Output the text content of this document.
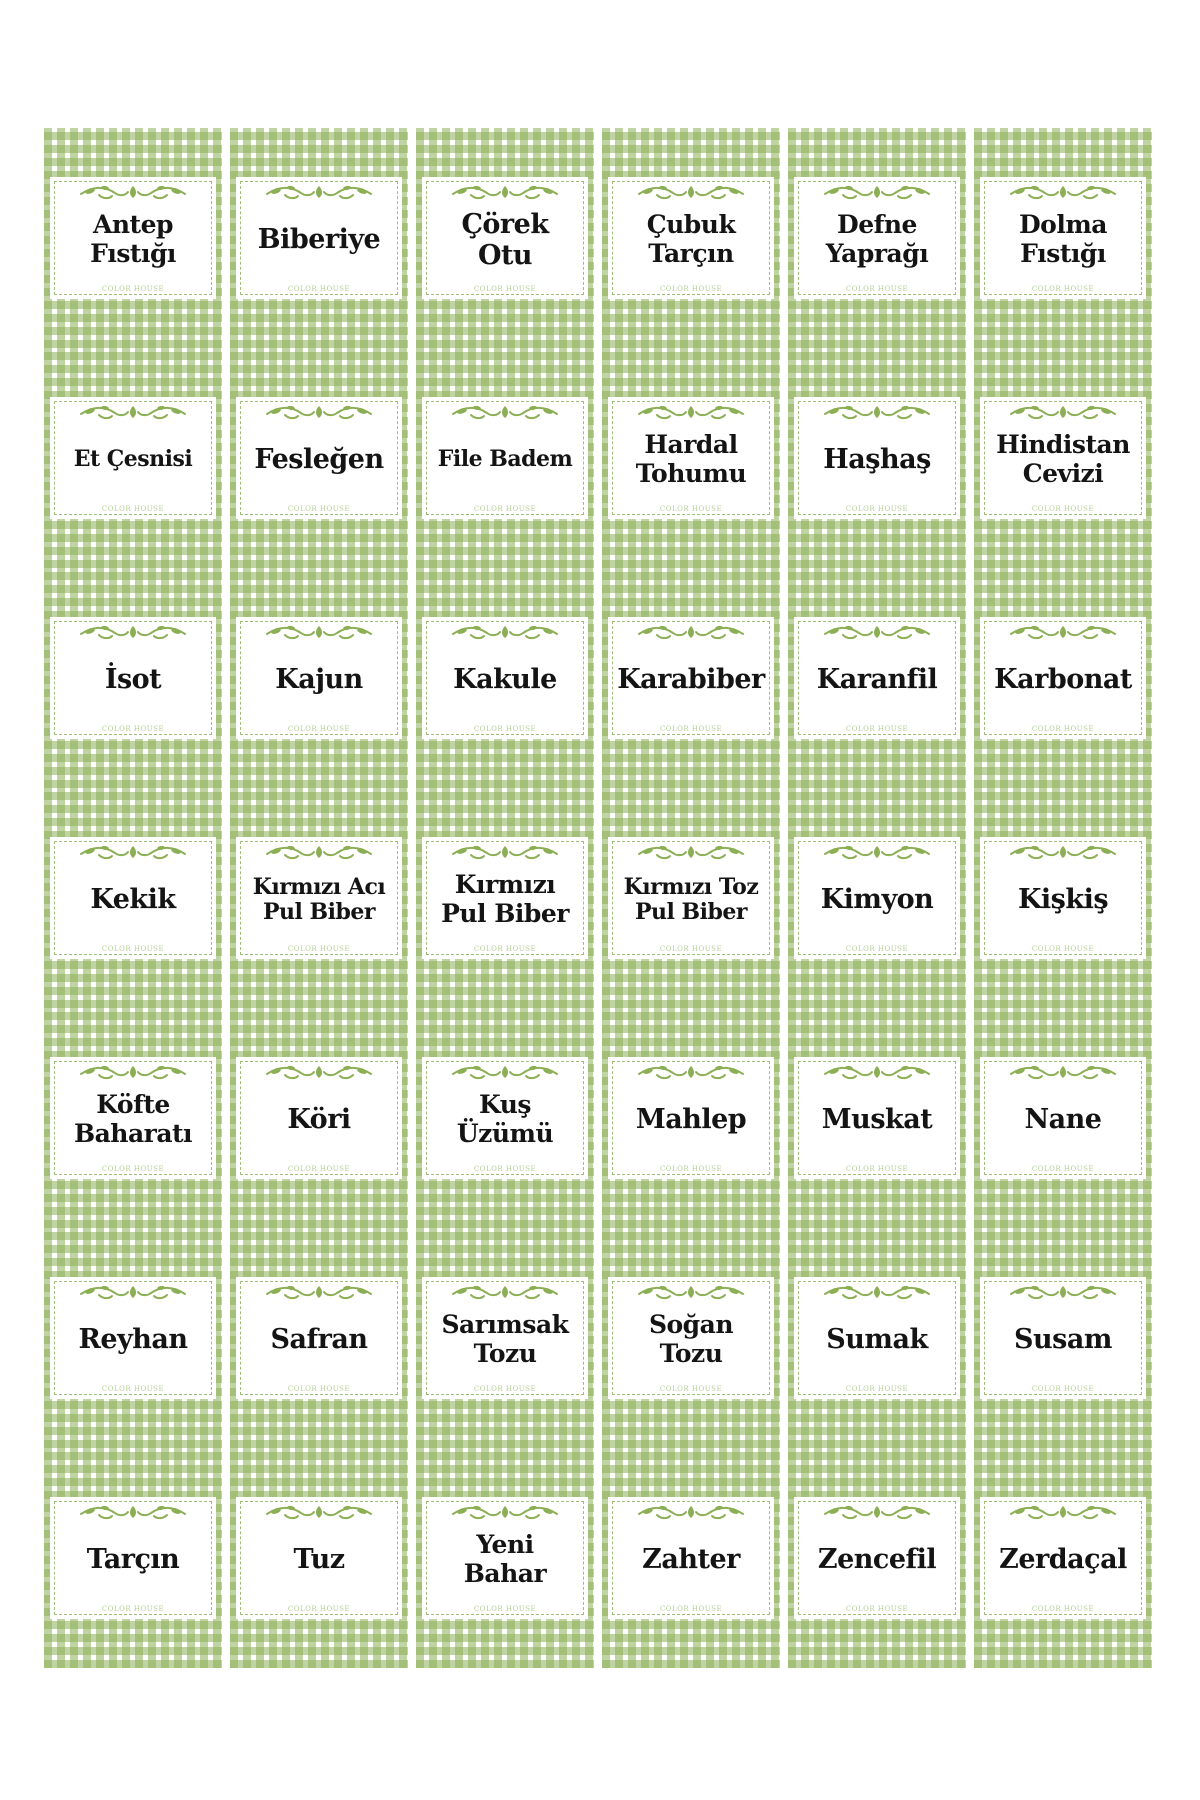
Antep
Fıstığı
COLOR HOUSE
Biberiye
COLOR HOUSE
Çörek Otu
COLOR HOUSE
Çubuk
Tarçın
COLOR HOUSE
Defne
Yaprağı
COLOR HOUSE
Dolma
Fıstığı
COLOR HOUSE
Et Çesnisi
COLOR HOUSE
Fesleğen
COLOR HOUSE
File Badem
COLOR HOUSE
Hardal
Tohumu
COLOR HOUSE
Haşhaş
COLOR HOUSE
Hindistan
Cevizi
COLOR HOUSE
İsot
COLOR HOUSE
Kajun
COLOR HOUSE
Kakule
COLOR HOUSE
Karabiber
COLOR HOUSE
Karanfil
COLOR HOUSE
Karbonat
COLOR HOUSE
Kekik
COLOR HOUSE
Kırmızı Acı
Pul Biber
COLOR HOUSE
Kırmızı
Pul Biber
COLOR HOUSE
Kırmızı Toz
Pul Biber
COLOR HOUSE
Kimyon
COLOR HOUSE
Kişkiş
COLOR HOUSE
Köfte
Baharatı
COLOR HOUSE
Köri
COLOR HOUSE
Kuş
Üzümü
COLOR HOUSE
Mahlep
COLOR HOUSE
Muskat
COLOR HOUSE
Nane
COLOR HOUSE
Reyhan
COLOR HOUSE
Safran
COLOR HOUSE
Sarımsak
Tozu
COLOR HOUSE
Soğan
Tozu
COLOR HOUSE
Sumak
COLOR HOUSE
Susam
COLOR HOUSE
Tarçın
COLOR HOUSE
Tuz
COLOR HOUSE
Yeni
Bahar
COLOR HOUSE
Zahter
COLOR HOUSE
Zencefil
COLOR HOUSE
Zerdaçal
COLOR HOUSE
